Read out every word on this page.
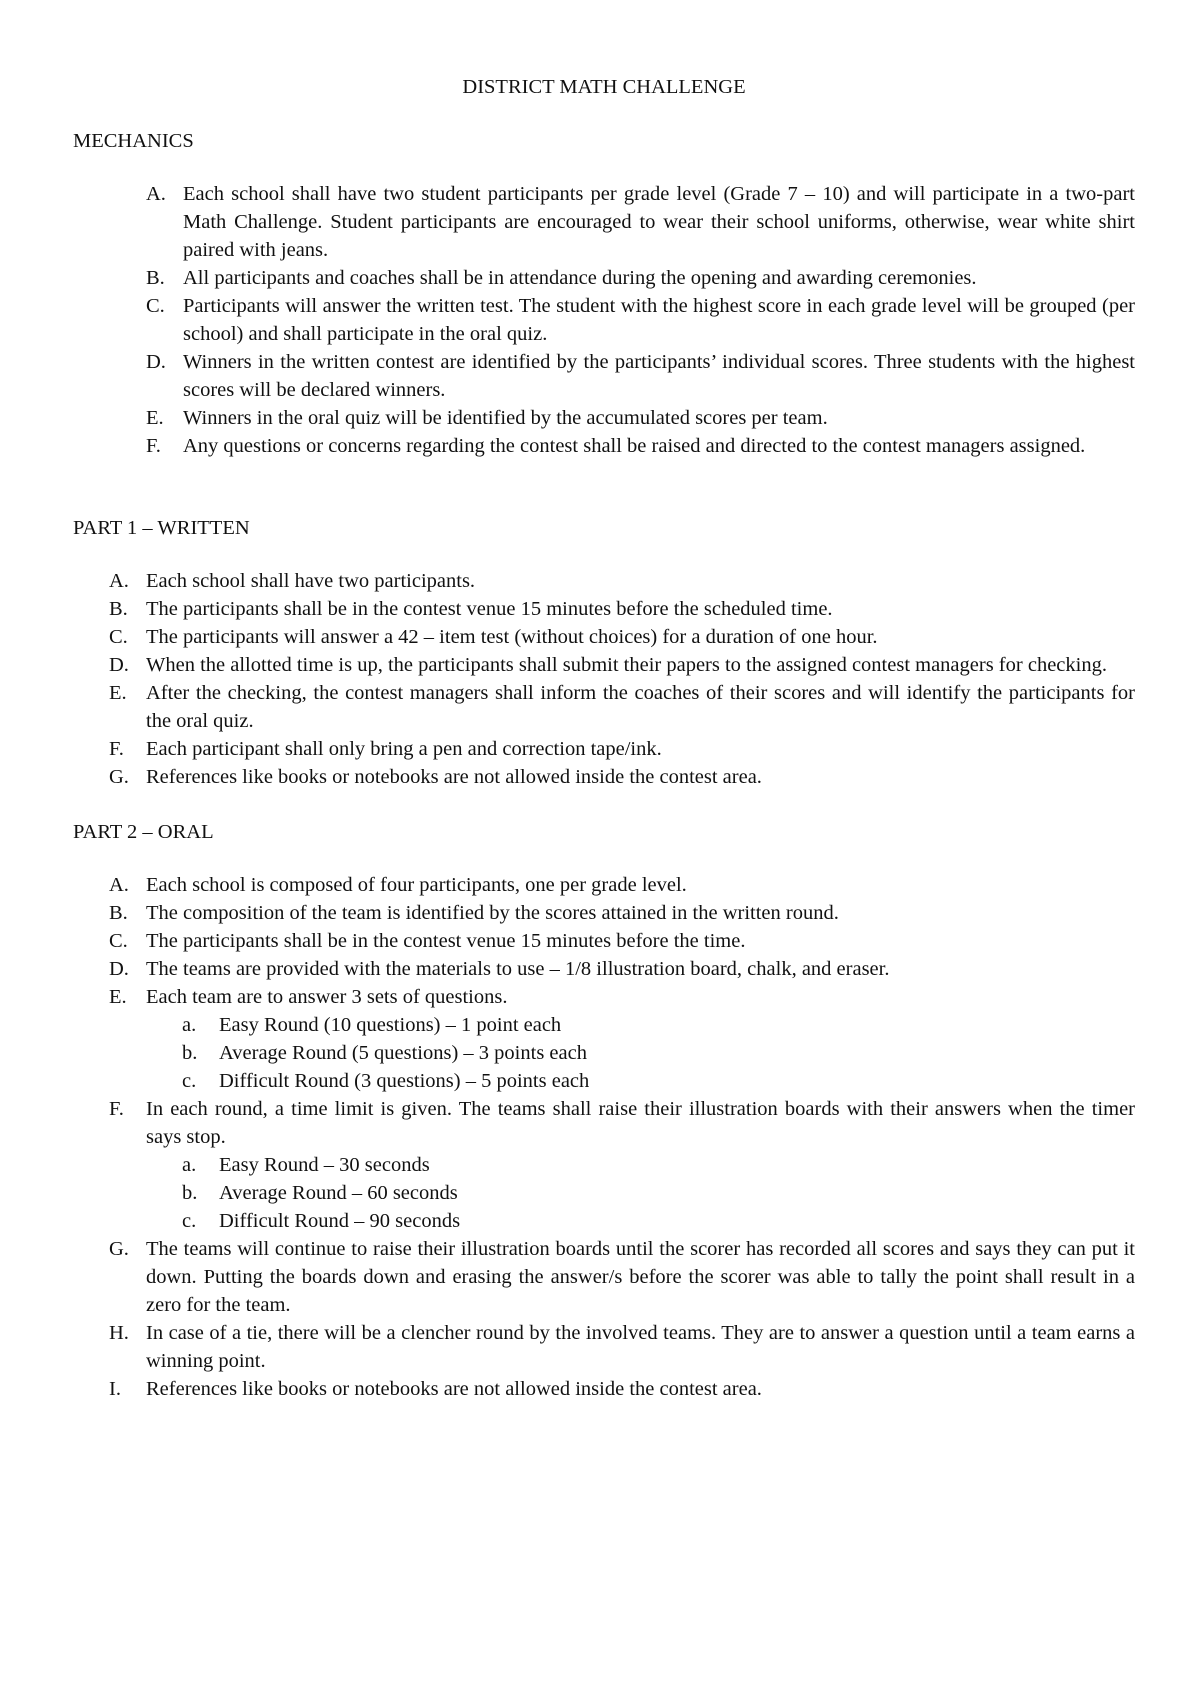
DISTRICT MATH CHALLENGE
MECHANICS
A. Each school shall have two student participants per grade level (Grade 7 – 10) and will participate in a two-part Math Challenge. Student participants are encouraged to wear their school uniforms, otherwise, wear white shirt paired with jeans.
B. All participants and coaches shall be in attendance during the opening and awarding ceremonies.
C. Participants will answer the written test. The student with the highest score in each grade level will be grouped (per school) and shall participate in the oral quiz.
D. Winners in the written contest are identified by the participants’ individual scores. Three students with the highest scores will be declared winners.
E. Winners in the oral quiz will be identified by the accumulated scores per team.
F. Any questions or concerns regarding the contest shall be raised and directed to the contest managers assigned.
PART 1 – WRITTEN
A. Each school shall have two participants.
B. The participants shall be in the contest venue 15 minutes before the scheduled time.
C. The participants will answer a 42 – item test (without choices) for a duration of one hour.
D. When the allotted time is up, the participants shall submit their papers to the assigned contest managers for checking.
E. After the checking, the contest managers shall inform the coaches of their scores and will identify the participants for the oral quiz.
F. Each participant shall only bring a pen and correction tape/ink.
G. References like books or notebooks are not allowed inside the contest area.
PART 2 – ORAL
A. Each school is composed of four participants, one per grade level.
B. The composition of the team is identified by the scores attained in the written round.
C. The participants shall be in the contest venue 15 minutes before the time.
D. The teams are provided with the materials to use – 1/8 illustration board, chalk, and eraser.
E. Each team are to answer 3 sets of questions.
a. Easy Round (10 questions) – 1 point each
b. Average Round (5 questions) – 3 points each
c. Difficult Round (3 questions) – 5 points each
F. In each round, a time limit is given. The teams shall raise their illustration boards with their answers when the timer says stop.
a. Easy Round – 30 seconds
b. Average Round – 60 seconds
c. Difficult Round – 90 seconds
G. The teams will continue to raise their illustration boards until the scorer has recorded all scores and says they can put it down. Putting the boards down and erasing the answer/s before the scorer was able to tally the point shall result in a zero for the team.
H. In case of a tie, there will be a clencher round by the involved teams. They are to answer a question until a team earns a winning point.
I. References like books or notebooks are not allowed inside the contest area.
